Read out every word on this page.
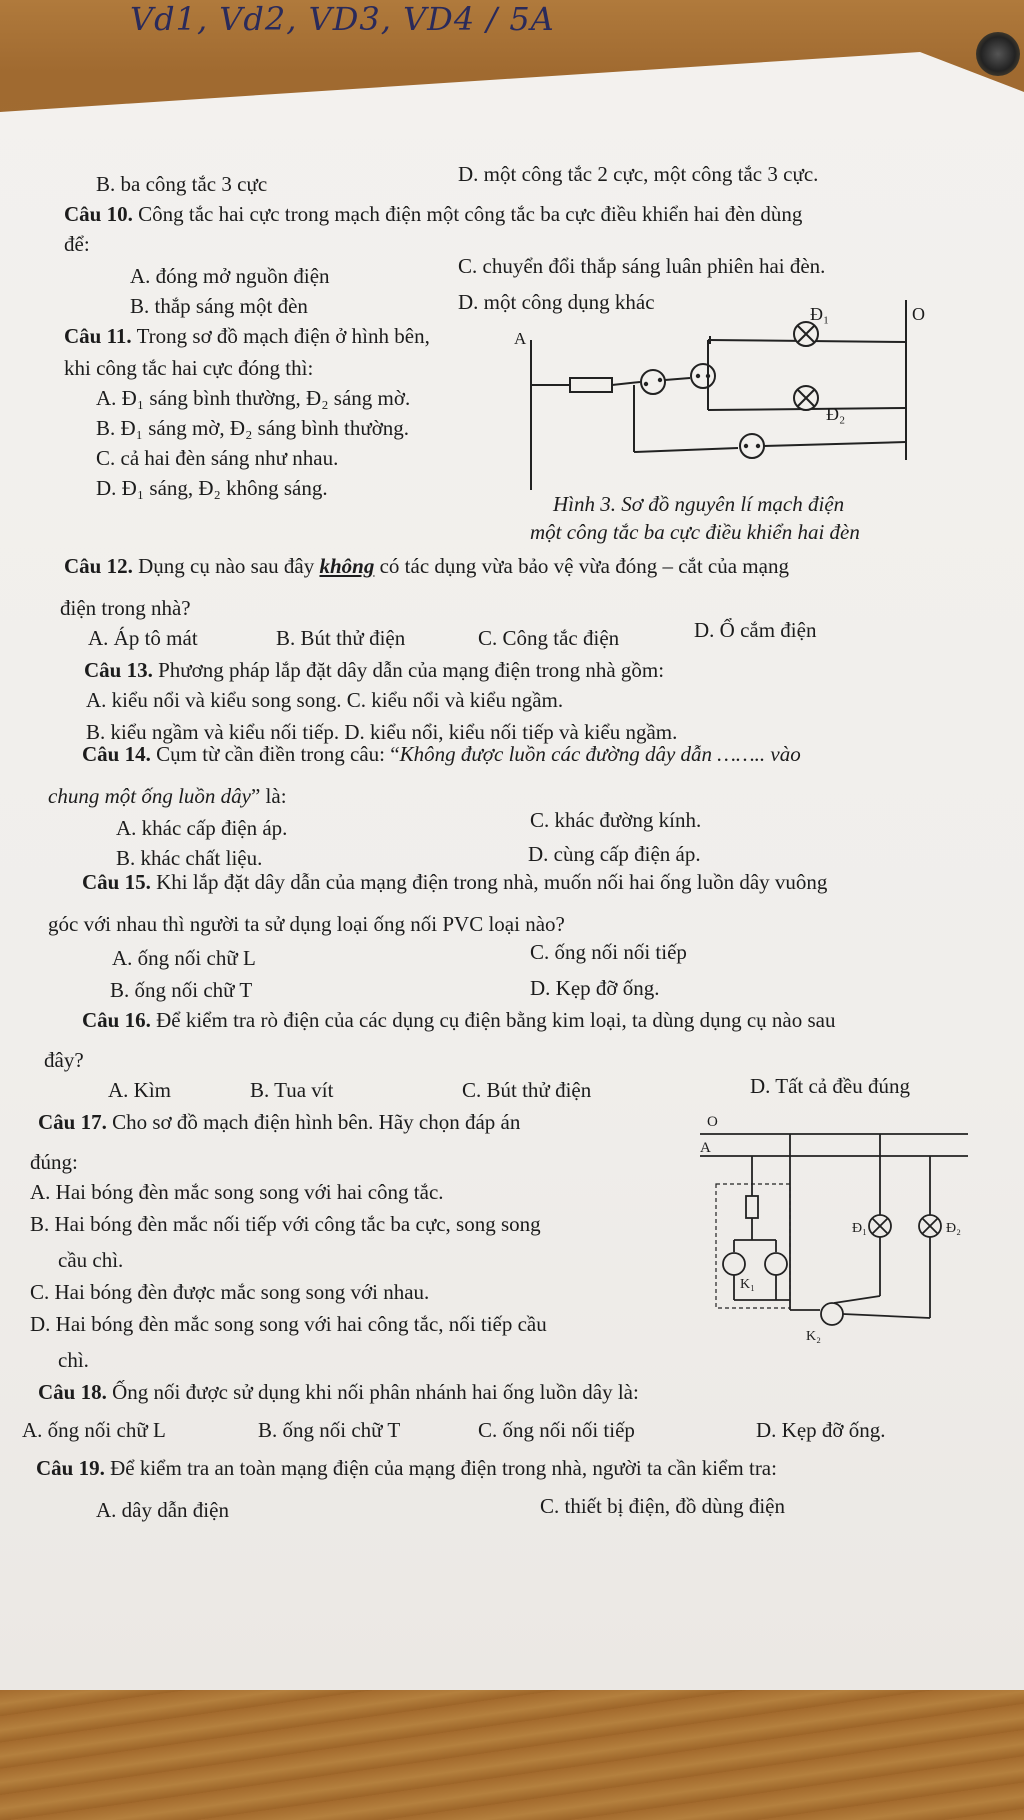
Vd1, Vd2, VD3, VD4 / 5A
B. ba công tắc 3 cực	D. một công tắc 2 cực, một công tắc 3 cực.
Câu 10. Công tắc hai cực trong mạch điện một công tắc ba cực điều khiển hai đèn dùng
để:
A. đóng mở nguồn điện	C. chuyển đổi thắp sáng luân phiên hai đèn.
B. thắp sáng một đèn	D. một công dụng khác
Câu 11. Trong sơ đồ mạch điện ở hình bên,
khi công tắc hai cực đóng thì:
A. Đ₁ sáng bình thường, Đ₂ sáng mờ.
B. Đ₁ sáng mờ, Đ₂ sáng bình thường.
C. cả hai đèn sáng như nhau.
D. Đ₁ sáng, Đ₂ không sáng.
A
O
Đ₁
Đ₂
Hình 3. Sơ đồ nguyên lí mạch điện
một công tắc ba cực điều khiển hai đèn
Câu 12. Dụng cụ nào sau đây không có tác dụng vừa bảo vệ vừa đóng – cắt của mạng
điện trong nhà?
A. Áp tô mát	B. Bút thử điện	C. Công tắc điện	D. Ổ cắm điện
Câu 13. Phương pháp lắp đặt dây dẫn của mạng điện trong nhà gồm:
A. kiểu nổi và kiểu song song. C. kiểu nổi và kiểu ngầm.
B. kiểu ngầm và kiểu nối tiếp. D. kiểu nổi, kiểu nối tiếp và kiểu ngầm.
Câu 14. Cụm từ cần điền trong câu: “Không được luồn các đường dây dẫn …….. vào
chung một ống luồn dây” là:
A. khác cấp điện áp.	C. khác đường kính.
B. khác chất liệu.	D. cùng cấp điện áp.
Câu 15. Khi lắp đặt dây dẫn của mạng điện trong nhà, muốn nối hai ống luồn dây vuông
góc với nhau thì người ta sử dụng loại ống nối PVC loại nào?
A. ống nối chữ L	C. ống nối nối tiếp
B. ống nối chữ T	D. Kẹp đỡ ống.
Câu 16. Để kiểm tra rò điện của các dụng cụ điện bằng kim loại, ta dùng dụng cụ nào sau
đây?
A. Kìm	B. Tua vít	C. Bút thử điện	D. Tất cả đều đúng
Câu 17. Cho sơ đồ mạch điện hình bên. Hãy chọn đáp án
đúng:
A. Hai bóng đèn mắc song song với hai công tắc.
B. Hai bóng đèn mắc nối tiếp với công tắc ba cực, song song
cầu chì.
C. Hai bóng đèn được mắc song song với nhau.
D. Hai bóng đèn mắc song song với hai công tắc, nối tiếp cầu
chì.
O
A
Đ₁	Đ₂
K₁
K₂
Câu 18. Ống nối được sử dụng khi nối phân nhánh hai ống luồn dây là:
A. ống nối chữ L	B. ống nối chữ T	C. ống nối nối tiếp	D. Kẹp đỡ ống.
Câu 19. Để kiểm tra an toàn mạng điện của mạng điện trong nhà, người ta cần kiểm tra:
A. dây dẫn điện	C. thiết bị điện, đồ dùng điện
